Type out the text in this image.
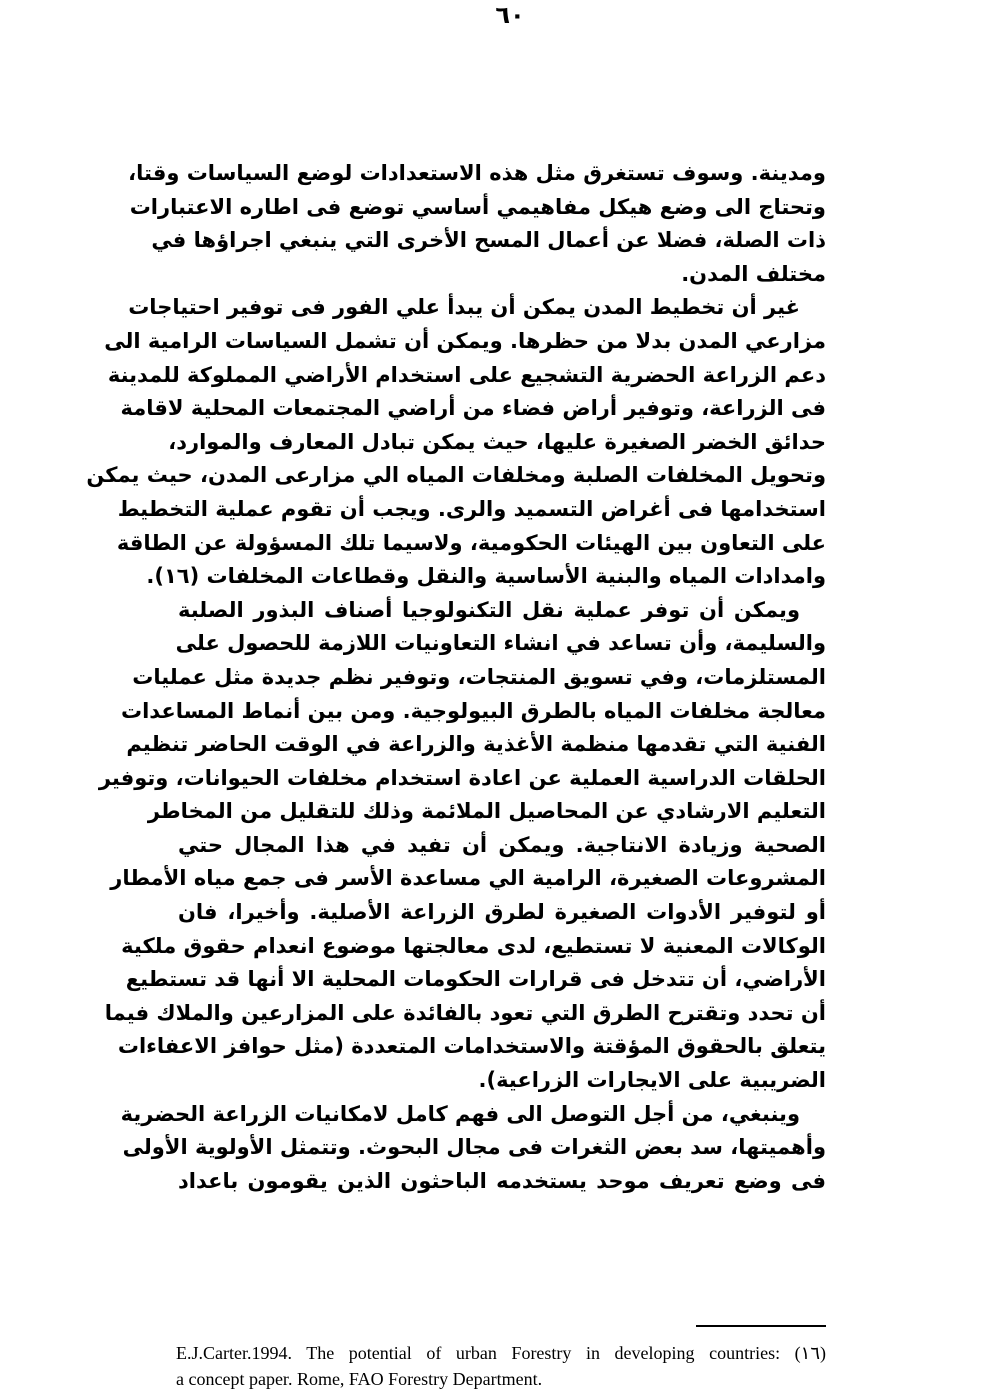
٦٠
ومدينة. وسوف تستغرق مثل هذه الاستعدادات لوضع السياسات وقتا،
وتحتاج الى وضع هيكل مفاهيمي أساسي توضع فى اطاره الاعتبارات
ذات الصلة، فضلا عن أعمال المسح الأخرى التي ينبغي اجراؤها في
مختلف المدن.
غير أن تخطيط المدن يمكن أن يبدأ علي الفور فى توفير احتياجات
مزارعي المدن بدلا من حظرها. ويمكن أن تشمل السياسات الرامية الى
دعم الزراعة الحضرية التشجيع على استخدام الأراضي المملوكة للمدينة
فى الزراعة، وتوفير أراض فضاء من أراضي المجتمعات المحلية لاقامة
حدائق الخضر الصغيرة عليها، حيث يمكن تبادل المعارف والموارد،
وتحويل المخلفات الصلبة ومخلفات المياه الي مزارعى المدن، حيث يمكن
استخدامها فى أغراض التسميد والرى. ويجب أن تقوم عملية التخطيط
على التعاون بين الهيئات الحكومية، ولاسيما تلك المسؤولة عن الطاقة
وامدادات المياه والبنية الأساسية والنقل وقطاعات المخلفات (١٦).
ويمكن أن توفر عملية نقل التكنولوجيا أصناف البذور الصلبة
والسليمة، وأن تساعد في انشاء التعاونيات اللازمة للحصول على
المستلزمات، وفي تسويق المنتجات، وتوفير نظم جديدة مثل عمليات
معالجة مخلفات المياه بالطرق البيولوجية. ومن بين أنماط المساعدات
الفنية التي تقدمها منظمة الأغذية والزراعة في الوقت الحاضر تنظيم
الحلقات الدراسية العملية عن اعادة استخدام مخلفات الحيوانات، وتوفير
التعليم الارشادي عن المحاصيل الملائمة وذلك للتقليل من المخاطر
الصحية وزيادة الانتاجية. ويمكن أن تفيد في هذا المجال حتي
المشروعات الصغيرة، الرامية الي مساعدة الأسر فى جمع مياه الأمطار
أو لتوفير الأدوات الصغيرة لطرق الزراعة الأصلية. وأخيرا، فان
الوكالات المعنية لا تستطيع، لدى معالجتها موضوع انعدام حقوق ملكية
الأراضي، أن تتدخل فى قرارات الحكومات المحلية الا أنها قد تستطيع
أن تحدد وتقترح الطرق التي تعود بالفائدة على المزارعين والملاك فيما
يتعلق بالحقوق المؤقتة والاستخدامات المتعددة (مثل حوافز الاعفاءات
الضريبية على الايجارات الزراعية).
وينبغي، من أجل التوصل الى فهم كامل لامكانيات الزراعة الحضرية
وأهميتها، سد بعض الثغرات فى مجال البحوث. وتتمثل الأولوية الأولى
فى وضع تعريف موحد يستخدمه الباحثون الذين يقومون باعداد
E.J.Carter.1994. The potential of urban Forestry in developing countries: (١٦)
a concept paper. Rome, FAO Forestry Department.
